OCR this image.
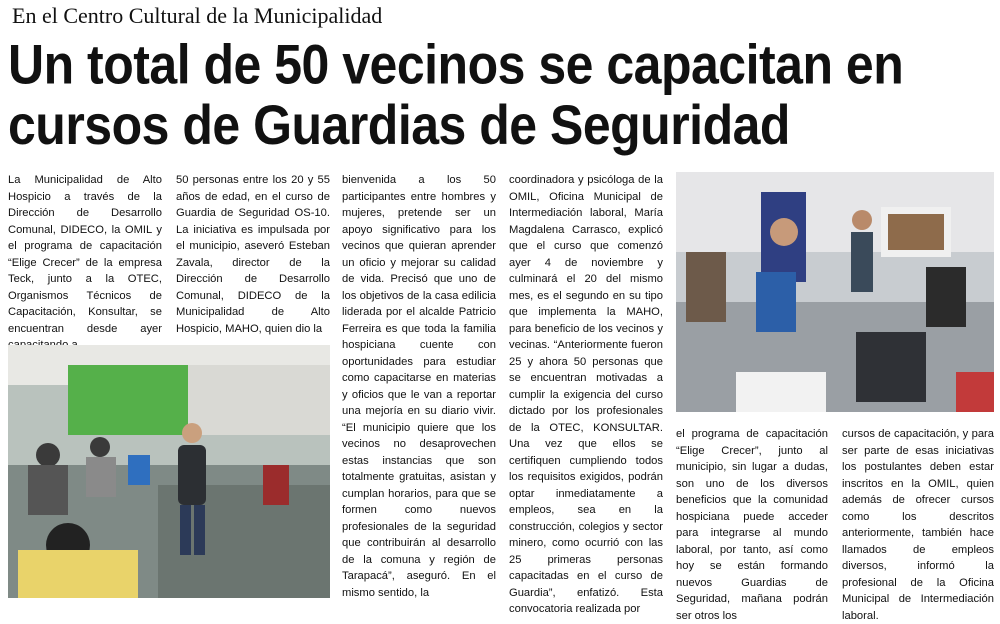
En el Centro Cultural de la Municipalidad
Un total de 50 vecinos se capacitan en cursos de Guardias de Seguridad

La Municipalidad de Alto Hospicio a través de la Dirección de Desarrollo Comunal, DIDECO, la OMIL y el programa de capacitación “Elige Crecer” de la empresa Teck, junto a la OTEC, Organismos Técnicos de Capacitación, Konsultar, se encuentran desde ayer

50 personas entre los 20 y 55 años de edad, en el curso de Guardia de Seguridad OS-10. La iniciativa es impulsada por el municipio, aseveró Esteban Zavala, director de la Dirección de Desarrollo Comunal, DIDECO de la Municipalidad de Alto Hospicio, MAHO, quien dio la

bienvenida a los 50 participantes entre hombres y mujeres, pretende ser un apoyo significativo para los vecinos que quieran aprender un oficio y mejorar su calidad de vida. Precisó que uno de los objetivos de la casa edilicia liderada por el alcalde Patricio Ferreira es que toda la familia hospiciana cuente con oportunidades para estudiar como capacitarse en materias y oficios que le van a reportar una mejoría en su diario vivir. “El municipio quiere que los vecinos no desaprovechen estas instancias que son totalmente gratuitas, asistan y cumplan horarios, para que se formen como nuevos profesionales de la seguridad que contribuirán al desarrollo de la comuna y región de Tarapacá”, aseguró. En el mismo sentido, la

coordinadora y psicóloga de la OMIL, Oficina Municipal de Intermediación laboral, María Magdalena Carrasco, explicó que el curso que comenzó ayer 4 de noviembre y culminará el 20 del mismo mes, es el segundo en su tipo que implementa la MAHO, para beneficio de los vecinos y vecinas. “Anteriormente fueron 25 y ahora 50 personas que se encuentran motivadas a cumplir la exigencia del curso dictado por los profesionales de la OTEC, KONSULTAR. Una vez que ellos se certifiquen cumpliendo todos los requisitos exigidos, podrán optar inmediatamente a empleos, sea en la construcción, colegios y sector minero, como ocurrió con las 25 primeras personas capacitadas en el curso de Guardia”, enfatizó. Esta convocatoria realizada por

el programa de capacitación “Elige Crecer”, junto al municipio, sin lugar a dudas, son uno de los diversos beneficios que la comunidad hospiciana puede acceder para integrarse al mundo laboral, por tanto, así como hoy se están formando nuevos Guardias de Seguridad, mañana podrán ser otros los

cursos de capacitación, y para ser parte de esas iniciativas los postulantes deben estar inscritos en la OMIL, quien además de ofrecer cursos como los descritos anteriormente, también hace llamados de empleos diversos, informó la profesional de la Oficina Municipal de Intermediación laboral.
